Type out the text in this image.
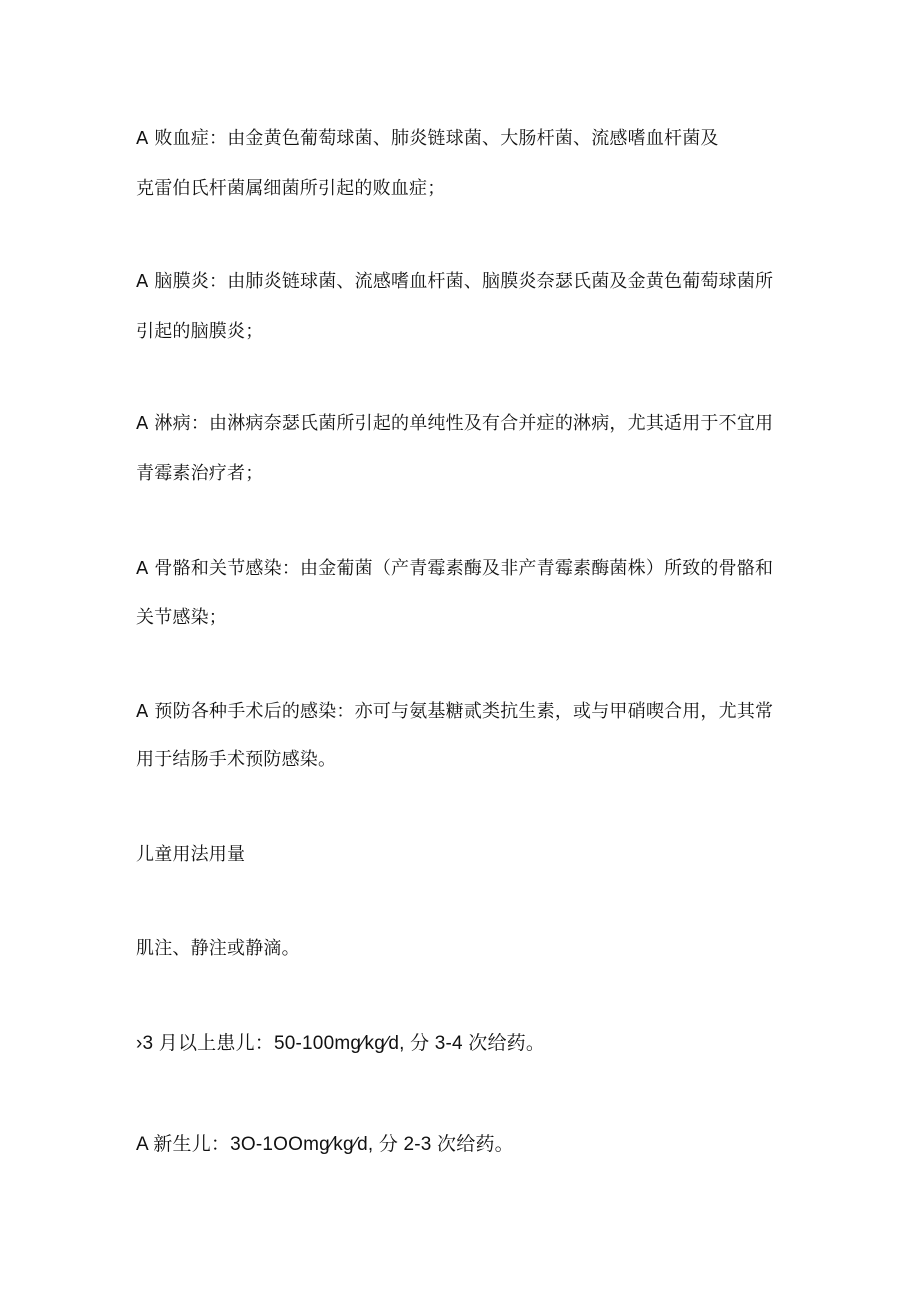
A 败血症：由金黄色葡萄球菌、肺炎链球菌、大肠杆菌、流感嗜血杆菌及
克雷伯氏杆菌属细菌所引起的败血症；
A 脑膜炎：由肺炎链球菌、流感嗜血杆菌、脑膜炎奈瑟氏菌及金黄色葡萄球菌所
引起的脑膜炎；
A 淋病：由淋病奈瑟氏菌所引起的单纯性及有合并症的淋病，尤其适用于不宜用
青霉素治疗者；
A 骨骼和关节感染：由金葡菌（产青霉素酶及非产青霉素酶菌株）所致的骨骼和
关节感染；
A 预防各种手术后的感染：亦可与氨基糖贰类抗生素，或与甲硝喫合用，尤其常
用于结肠手术预防感染。
儿童用法用量
肌注、静注或静滴。
›3 月以上患儿：50-100mg∕kg∕d, 分 3-4 次给药。
A 新生儿：3O-1OOmg∕kg∕d, 分 2-3 次给药。
